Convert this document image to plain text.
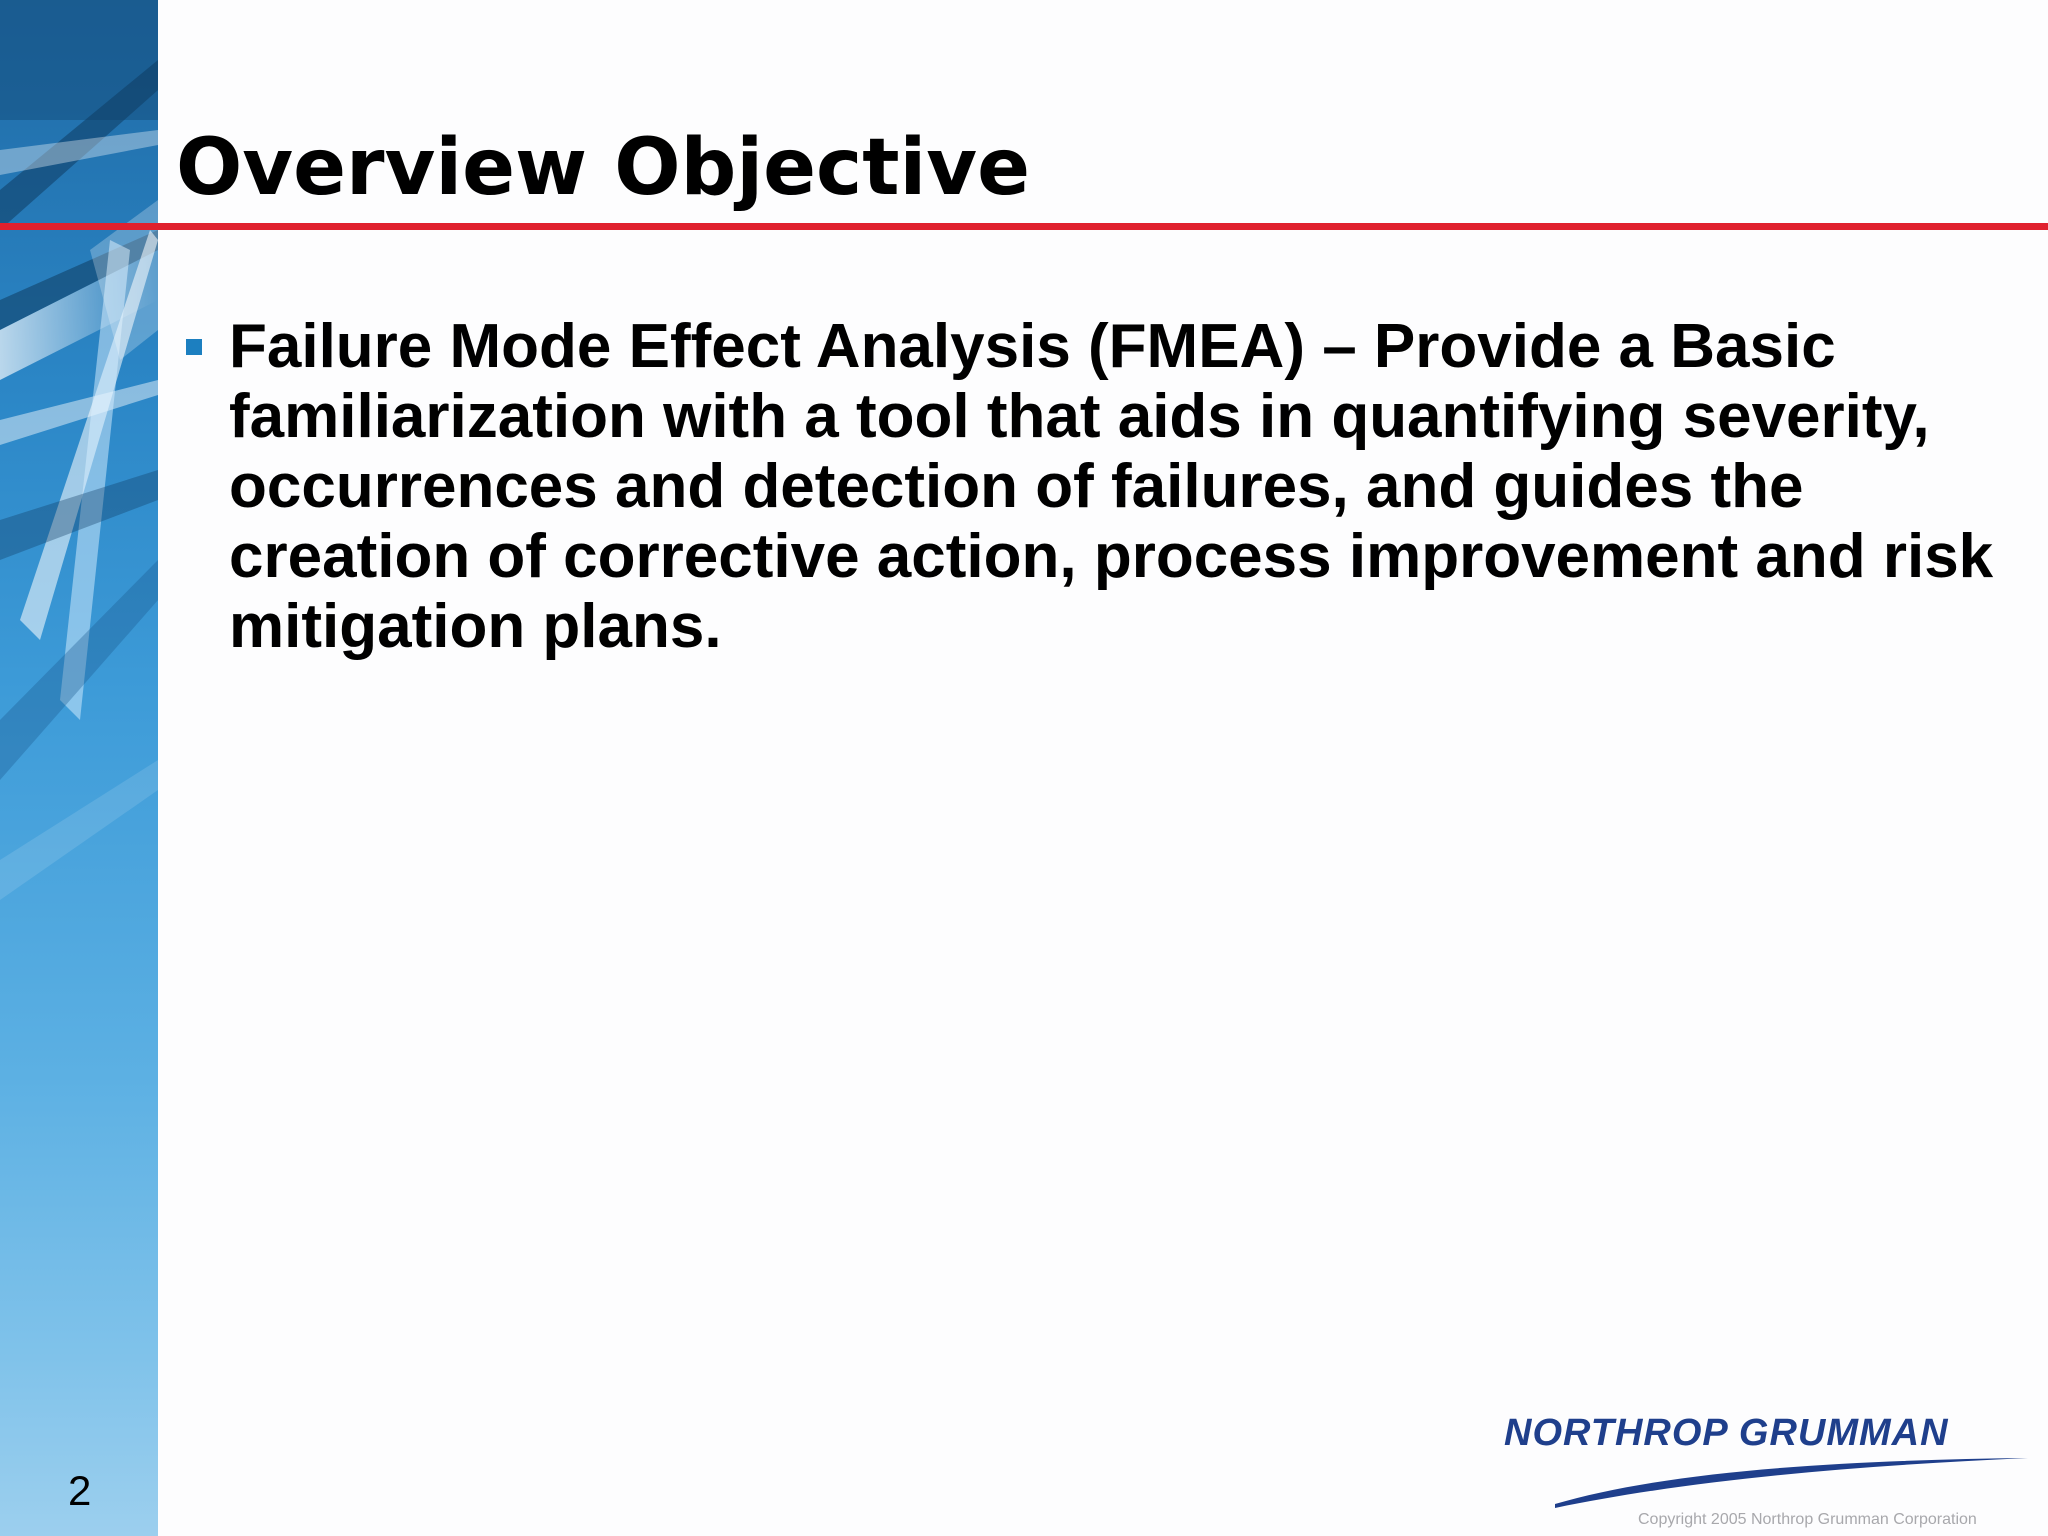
Overview Objective
Failure Mode Effect Analysis (FMEA) – Provide a Basic familiarization with a tool that aids in quantifying severity, occurrences and detection of failures, and guides the creation of corrective action, process improvement and risk mitigation plans.
2
NORTHROP GRUMMAN
Copyright 2005 Northrop Grumman Corporation
